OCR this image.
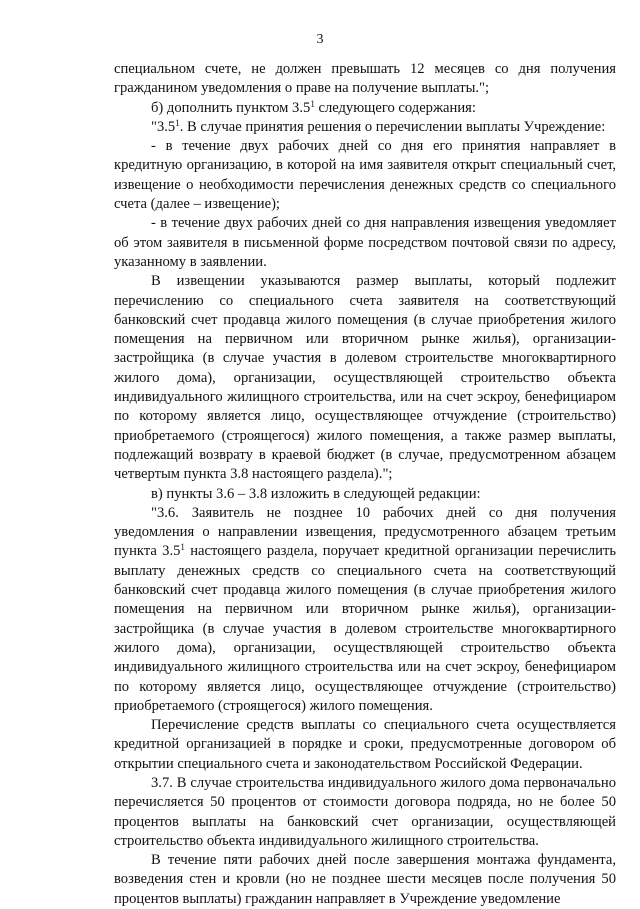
3

специальном счете, не должен превышать 12 месяцев со дня получения гражданином уведомления о праве на получение выплаты.";

б) дополнить пунктом $3.5^1$ следующего содержания:

"$3.5^1$. В случае принятия решения о перечислении выплаты Учреждение:

- в течение двух рабочих дней со дня его принятия направляет в кредитную организацию, в которой на имя заявителя открыт специальный счет, извещение о необходимости перечисления денежных средств со специального счета (далее – извещение);

- в течение двух рабочих дней со дня направления извещения уведомляет об этом заявителя в письменной форме посредством почтовой связи по адресу, указанному в заявлении.

В извещении указываются размер выплаты, который подлежит перечислению со специального счета заявителя на соответствующий банковский счет продавца жилого помещения (в случае приобретения жилого помещения на первичном или вторичном рынке жилья), организации-застройщика (в случае участия в долевом строительстве многоквартирного жилого дома), организации, осуществляющей строительство объекта индивидуального жилищного строительства, или на счет эскроу, бенефициаром по которому является лицо, осуществляющее отчуждение (строительство) приобретаемого (строящегося) жилого помещения, а также размер выплаты, подлежащий возврату в краевой бюджет (в случае, предусмотренном абзацем четвертым пункта 3.8 настоящего раздела).";

в) пункты 3.6 – 3.8 изложить в следующей редакции:

"3.6. Заявитель не позднее 10 рабочих дней со дня получения уведомления о направлении извещения, предусмотренного абзацем третьим пункта $3.5^1$ настоящего раздела, поручает кредитной организации перечислить выплату денежных средств со специального счета на соответствующий банковский счет продавца жилого помещения (в случае приобретения жилого помещения на первичном или вторичном рынке жилья), организации-застройщика (в случае участия в долевом строительстве многоквартирного жилого дома), организации, осуществляющей строительство объекта индивидуального жилищного строительства или на счет эскроу, бенефициаром по которому является лицо, осуществляющее отчуждение (строительство) приобретаемого (строящегося) жилого помещения.

Перечисление средств выплаты со специального счета осуществляется кредитной организацией в порядке и сроки, предусмотренные договором об открытии специального счета и законодательством Российской Федерации.

3.7. В случае строительства индивидуального жилого дома первоначально перечисляется 50 процентов от стоимости договора подряда, но не более 50 процентов выплаты на банковский счет организации, осуществляющей строительство объекта индивидуального жилищного строительства.

В течение пяти рабочих дней после завершения монтажа фундамента, возведения стен и кровли (но не позднее шести месяцев после получения 50 процентов выплаты) гражданин направляет в Учреждение уведомление
